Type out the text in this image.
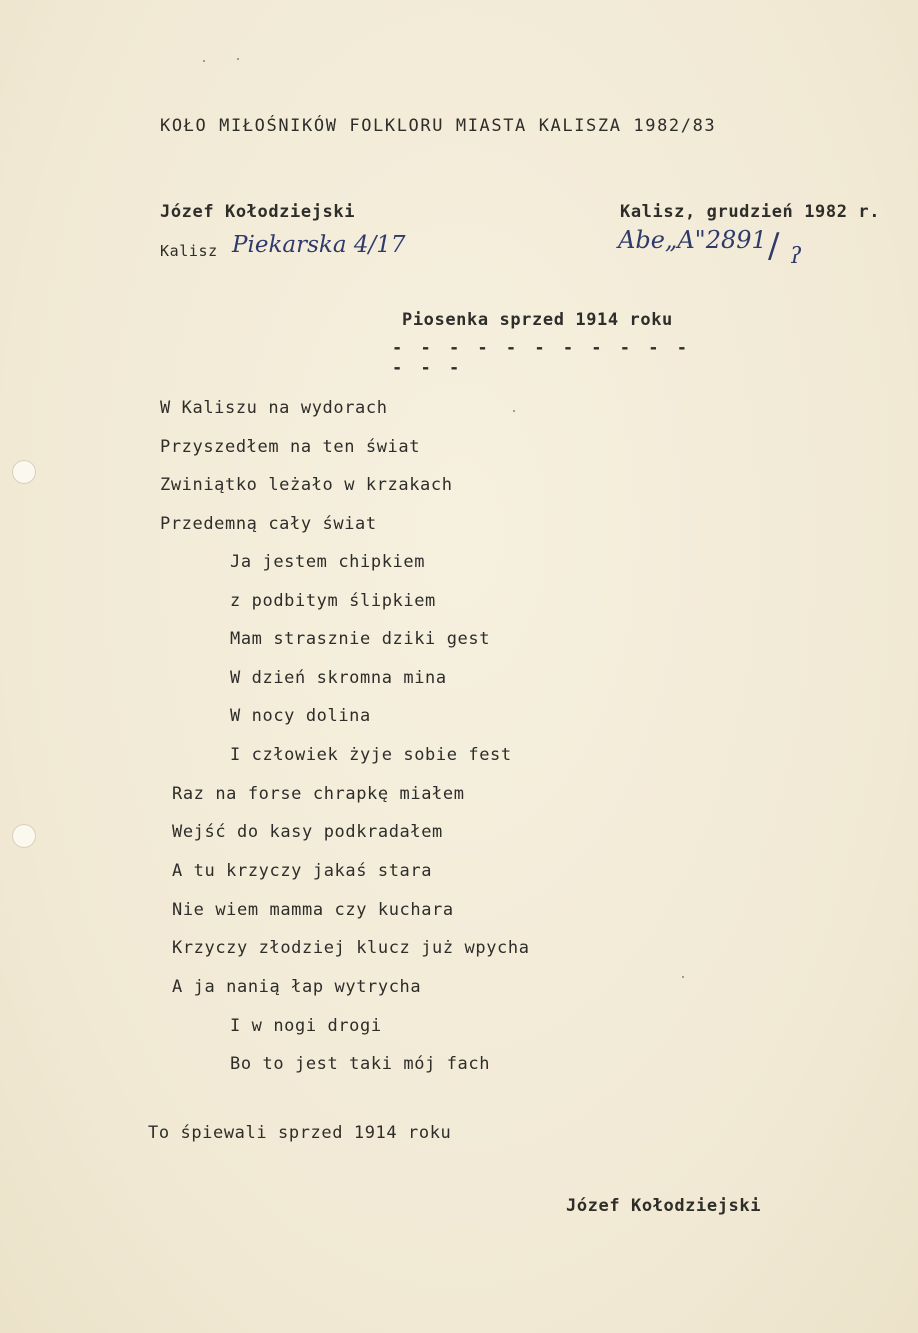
KOŁO MIŁOŚNIKÓW FOLKLORU MIASTA KALISZA 1982/83
Józef Kołodziejski
Kalisz Piekarska 4/17
Kalisz, grudzień 1982 r.
Abe„A"2891 / ʔ
Piosenka sprzed 1914 roku
- - - - - - - - - - - - - -
W Kaliszu na wydorach
Przyszedłem na ten świat
Zwiniątko leżało w krzakach
Przedemną cały świat
Ja jestem chipkiem
z podbitym ślipkiem
Mam strasznie dziki gest
W dzień skromna mina
W nocy dolina
I człowiek żyje sobie fest
Raz na forse chrapkę miałem
Wejść do kasy podkradałem
A tu krzyczy jakaś stara
Nie wiem mamma czy kuchara
Krzyczy złodziej klucz już wpycha
A ja nanią łap wytrycha
I w nogi drogi
Bo to jest taki mój fach
To śpiewali sprzed 1914 roku
Józef Kołodziejski
